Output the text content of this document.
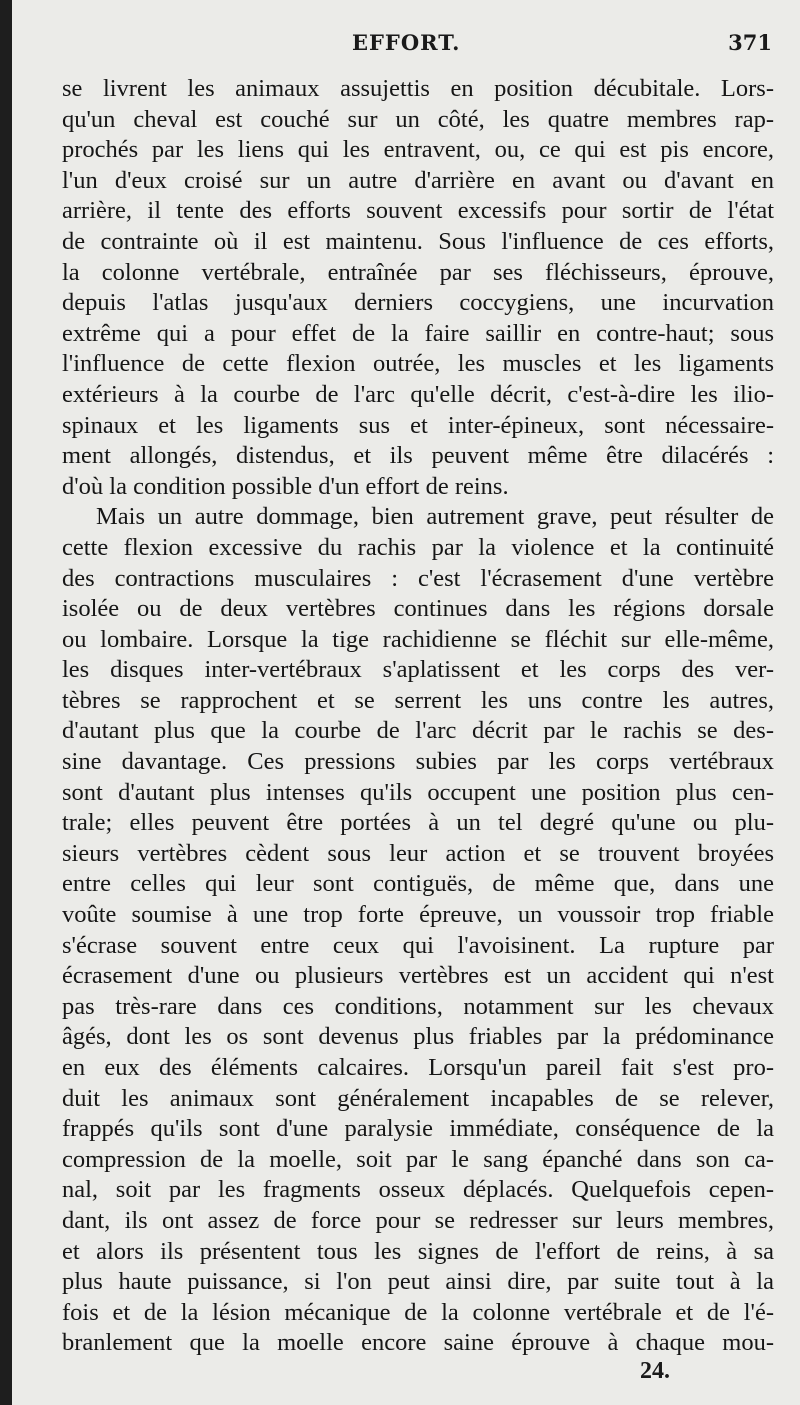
EFFORT.	371
se livrent les animaux assujettis en position décubitale. Lors-
qu'un cheval est couché sur un côté, les quatre membres rap-
prochés par les liens qui les entravent, ou, ce qui est pis encore,
l'un d'eux croisé sur un autre d'arrière en avant ou d'avant en
arrière, il tente des efforts souvent excessifs pour sortir de l'état
de contrainte où il est maintenu. Sous l'influence de ces efforts,
la colonne vertébrale, entraînée par ses fléchisseurs, éprouve,
depuis l'atlas jusqu'aux derniers coccygiens, une incurvation
extrême qui a pour effet de la faire saillir en contre-haut; sous
l'influence de cette flexion outrée, les muscles et les ligaments
extérieurs à la courbe de l'arc qu'elle décrit, c'est-à-dire les ilio-
spinaux et les ligaments sus et inter-épineux, sont nécessaire-
ment allongés, distendus, et ils peuvent même être dilacérés :
d'où la condition possible d'un effort de reins.
Mais un autre dommage, bien autrement grave, peut résulter de
cette flexion excessive du rachis par la violence et la continuité
des contractions musculaires : c'est l'écrasement d'une vertèbre
isolée ou de deux vertèbres continues dans les régions dorsale
ou lombaire. Lorsque la tige rachidienne se fléchit sur elle-même,
les disques inter-vertébraux s'aplatissent et les corps des ver-
tèbres se rapprochent et se serrent les uns contre les autres,
d'autant plus que la courbe de l'arc décrit par le rachis se des-
sine davantage. Ces pressions subies par les corps vertébraux
sont d'autant plus intenses qu'ils occupent une position plus cen-
trale; elles peuvent être portées à un tel degré qu'une ou plu-
sieurs vertèbres cèdent sous leur action et se trouvent broyées
entre celles qui leur sont contiguës, de même que, dans une
voûte soumise à une trop forte épreuve, un voussoir trop friable
s'écrase souvent entre ceux qui l'avoisinent. La rupture par
écrasement d'une ou plusieurs vertèbres est un accident qui n'est
pas très-rare dans ces conditions, notamment sur les chevaux
âgés, dont les os sont devenus plus friables par la prédominance
en eux des éléments calcaires. Lorsqu'un pareil fait s'est pro-
duit les animaux sont généralement incapables de se relever,
frappés qu'ils sont d'une paralysie immédiate, conséquence de la
compression de la moelle, soit par le sang épanché dans son ca-
nal, soit par les fragments osseux déplacés. Quelquefois cepen-
dant, ils ont assez de force pour se redresser sur leurs membres,
et alors ils présentent tous les signes de l'effort de reins, à sa
plus haute puissance, si l'on peut ainsi dire, par suite tout à la
fois et de la lésion mécanique de la colonne vertébrale et de l'é-
branlement que la moelle encore saine éprouve à chaque mou-
24.
